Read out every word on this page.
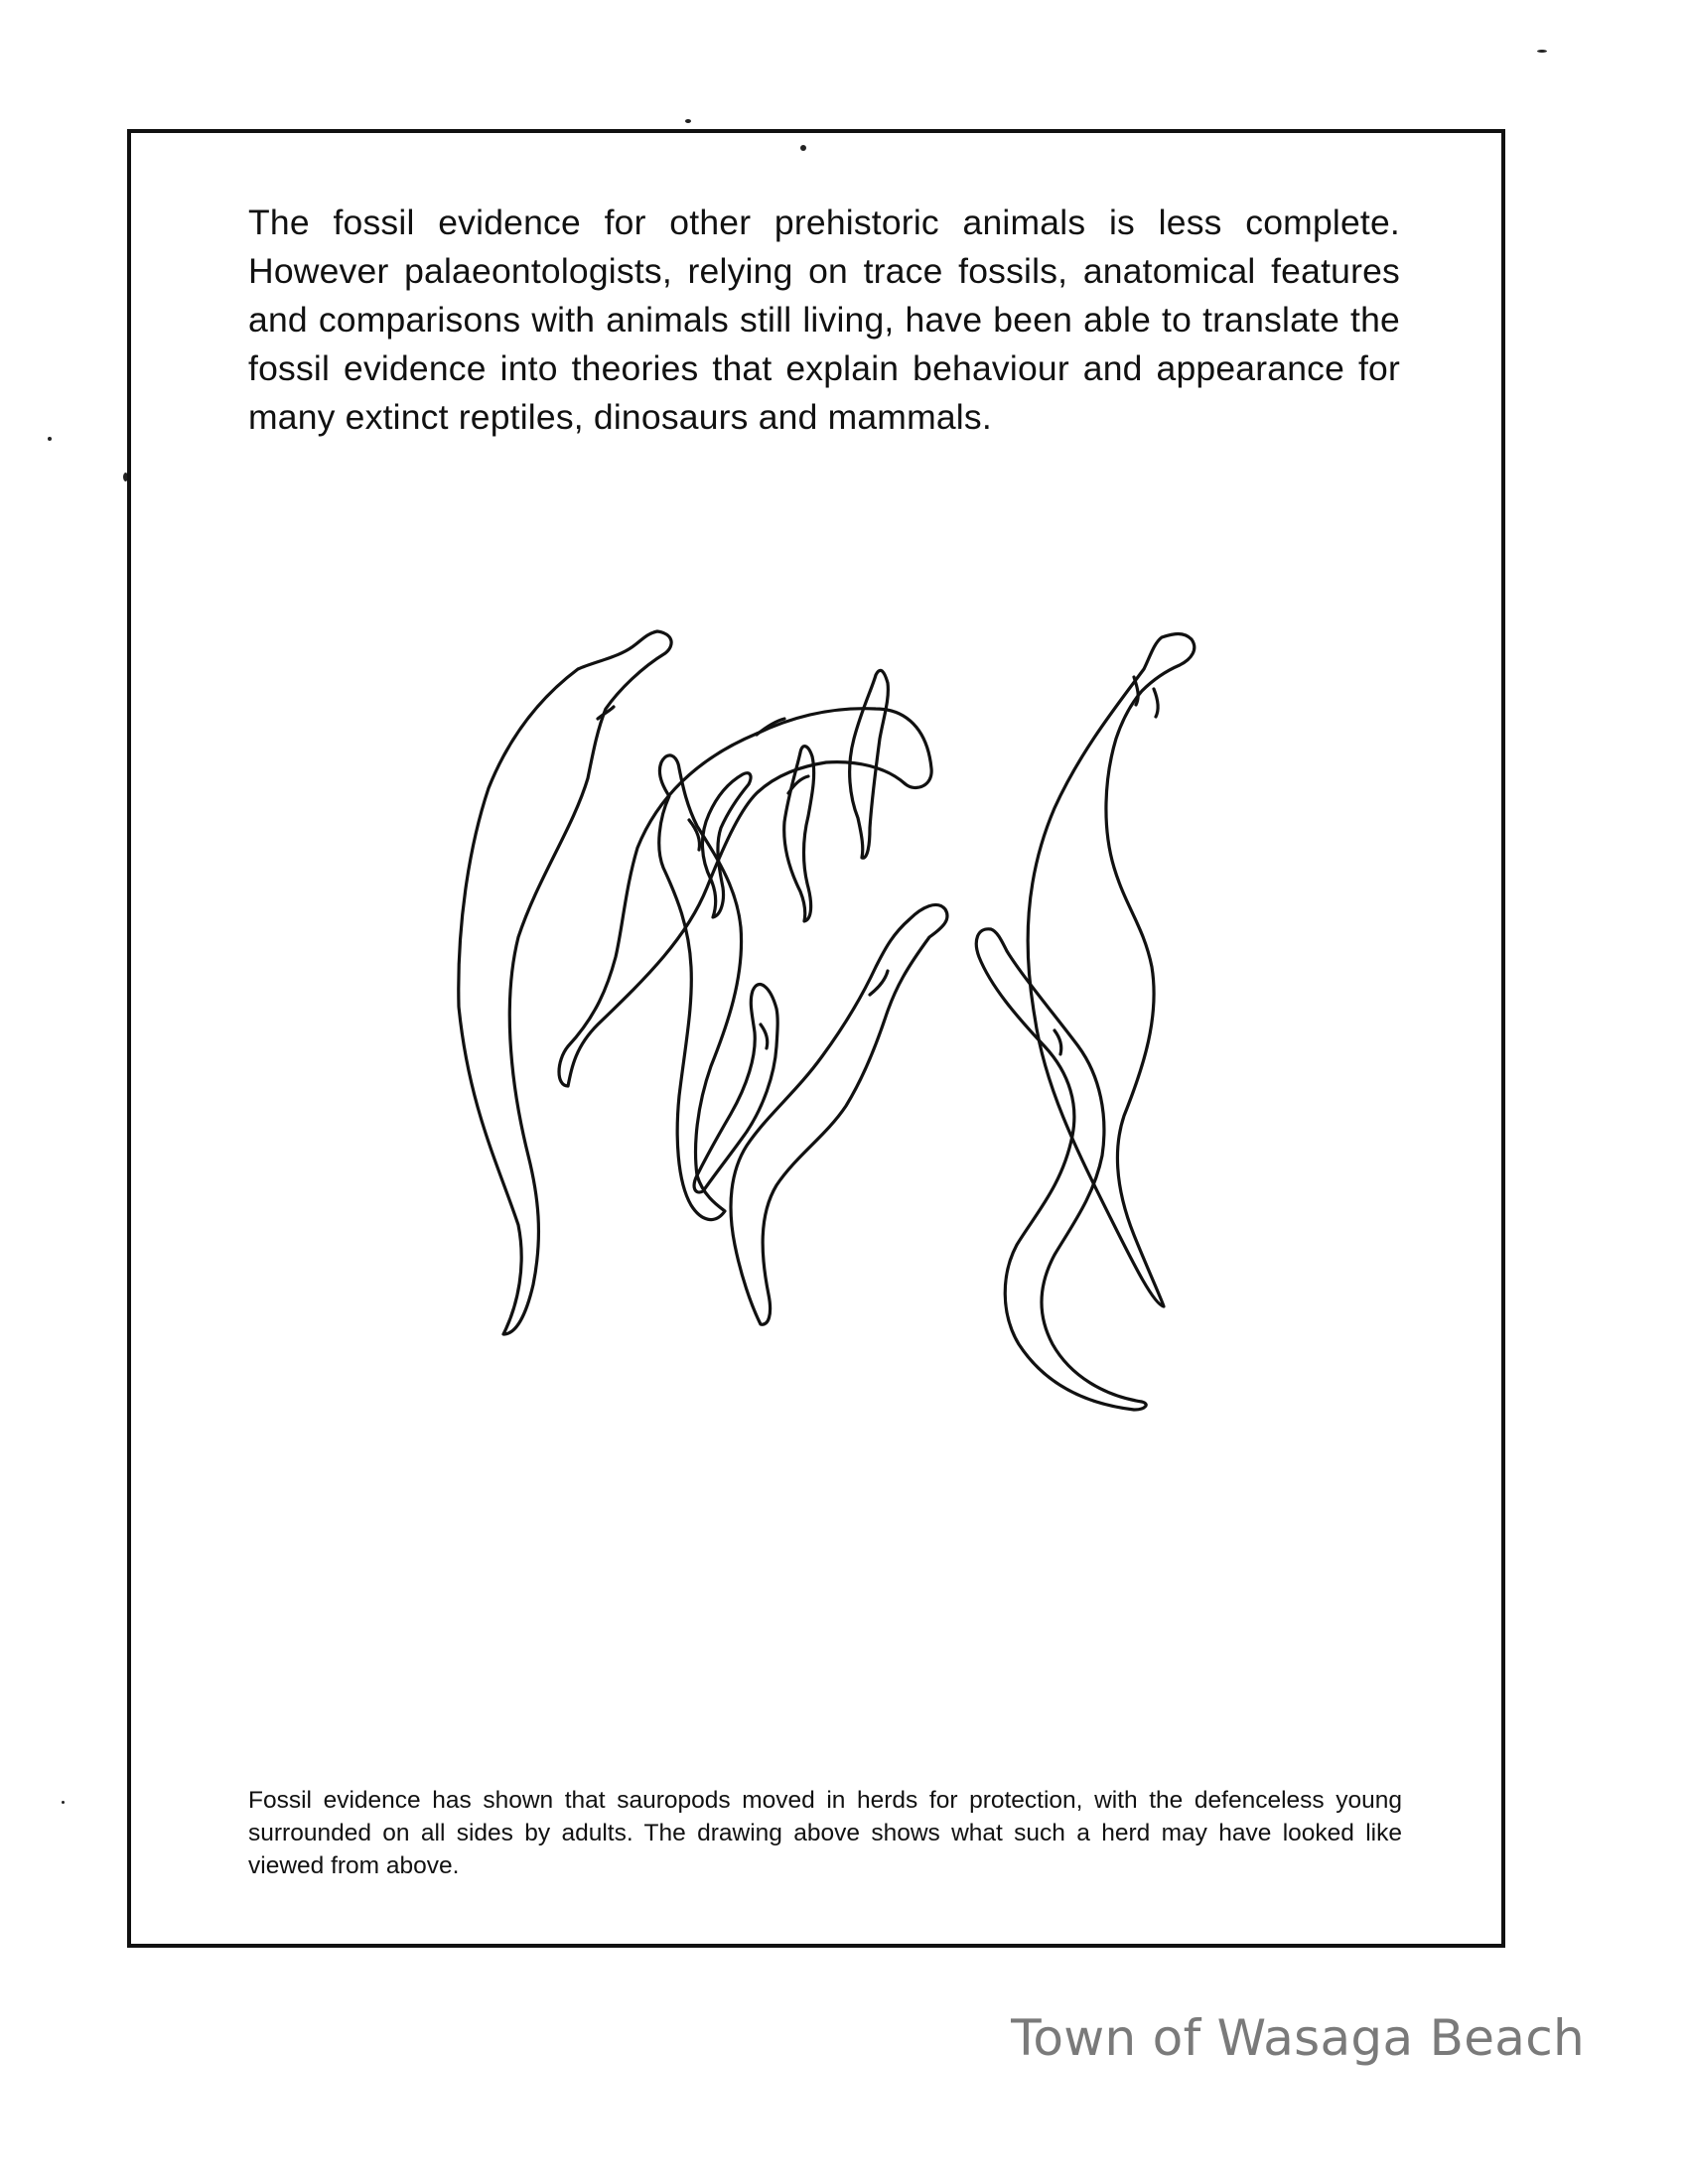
The fossil evidence for other prehistoric animals is less complete. However palaeontologists, relying on trace fossils, anatomical features and comparisons with animals still living, have been able to translate the fossil evidence into theories that explain behaviour and appearance for many extinct reptiles, dinosaurs and mammals.

Fossil evidence has shown that sauropods moved in herds for protection, with the defenceless young surrounded on all sides by adults. The drawing above shows what such a herd may have looked like viewed from above.

Town of Wasaga Beach
